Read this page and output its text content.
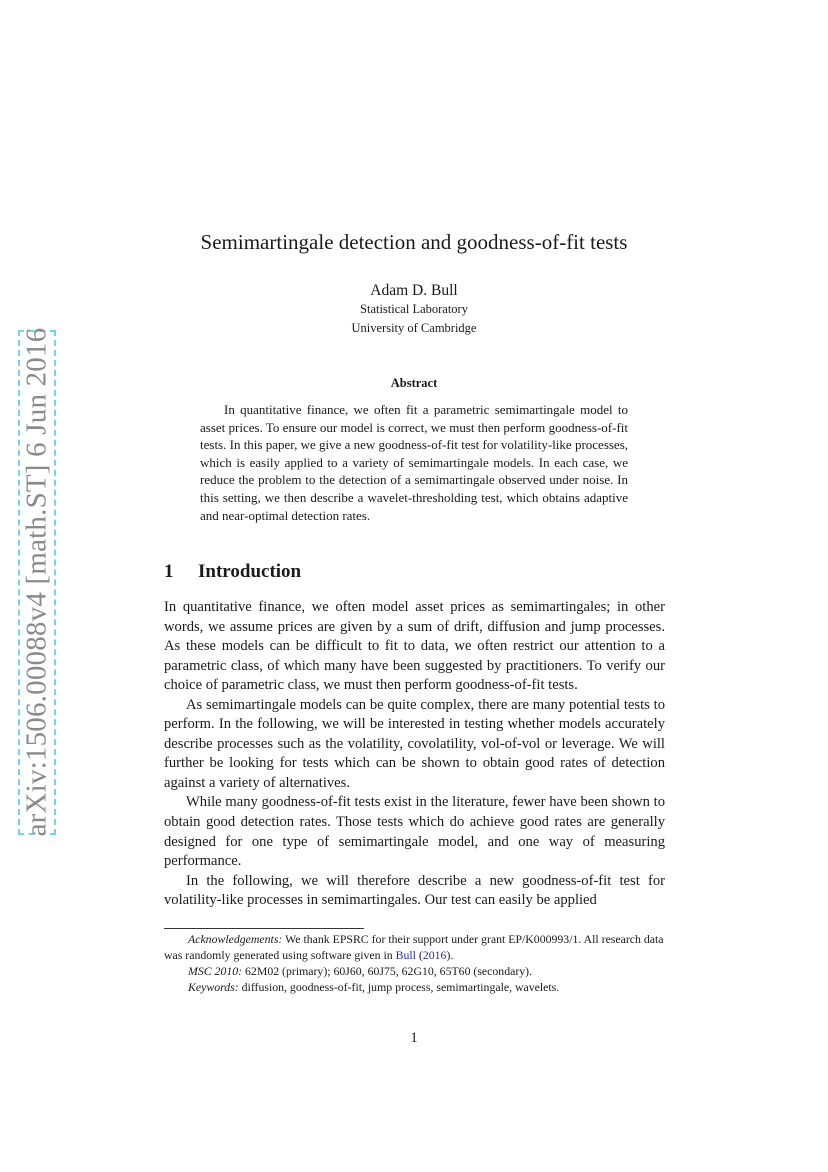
arXiv:1506.00088v4 [math.ST] 6 Jun 2016
Semimartingale detection and goodness-of-fit tests
Adam D. Bull
Statistical Laboratory
University of Cambridge
Abstract
In quantitative finance, we often fit a parametric semimartingale model to asset prices. To ensure our model is correct, we must then perform goodness-of-fit tests. In this paper, we give a new goodness-of-fit test for volatility-like processes, which is easily applied to a variety of semimartingale models. In each case, we reduce the problem to the detection of a semimartingale observed under noise. In this setting, we then describe a wavelet-thresholding test, which obtains adaptive and near-optimal detection rates.
1 Introduction

In quantitative finance, we often model asset prices as semimartingales; in other words, we assume prices are given by a sum of drift, diffusion and jump processes. As these models can be difficult to fit to data, we often restrict our attention to a parametric class, of which many have been suggested by practitioners. To verify our choice of parametric class, we must then perform goodness-of-fit tests.

As semimartingale models can be quite complex, there are many potential tests to perform. In the following, we will be interested in testing whether models accurately describe processes such as the volatility, covolatility, vol-of-vol or leverage. We will further be looking for tests which can be shown to obtain good rates of detection against a variety of alternatives.

While many goodness-of-fit tests exist in the literature, fewer have been shown to obtain good detection rates. Those tests which do achieve good rates are generally designed for one type of semimartingale model, and one way of measuring performance.

In the following, we will therefore describe a new goodness-of-fit test for volatility-like processes in semimartingales. Our test can easily be applied

Acknowledgements: We thank EPSRC for their support under grant EP/K000993/1. All research data was randomly generated using software given in Bull (2016).

MSC 2010: 62M02 (primary); 60J60, 60J75, 62G10, 65T60 (secondary).

Keywords: diffusion, goodness-of-fit, jump process, semimartingale, wavelets.

1
